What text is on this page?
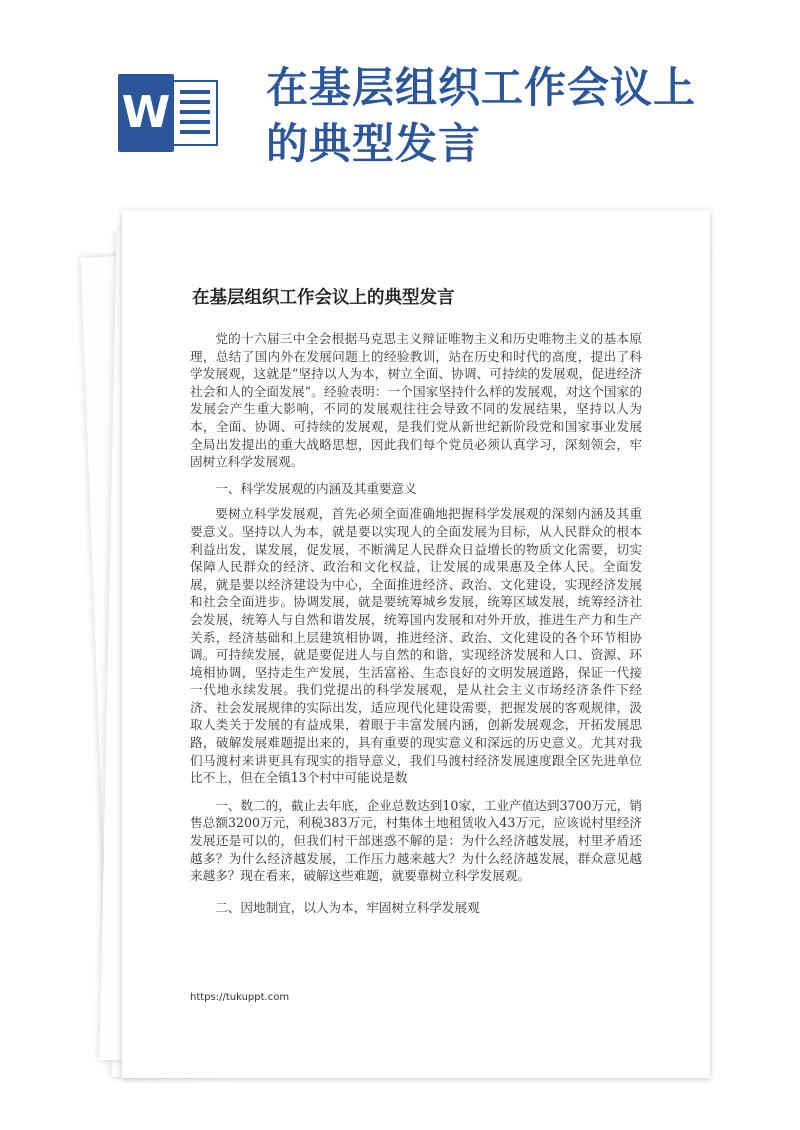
W 在基层组织工作会议上的典型发言
在基层组织工作会议上的典型发言

党的十六届三中全会根据马克思主义辩证唯物主义和历史唯物主义的基本原理，总结了国内外在发展问题上的经验教训，站在历史和时代的高度，提出了科学发展观，这就是“坚持以人为本，树立全面、协调、可持续的发展观，促进经济社会和人的全面发展”。经验表明：一个国家坚持什么样的发展观，对这个国家的发展会产生重大影响，不同的发展观往往会导致不同的发展结果，坚持以人为本，全面、协调、可持续的发展观，是我们党从新世纪新阶段党和国家事业发展全局出发提出的重大战略思想，因此我们每个党员必须认真学习，深刻领会，牢固树立科学发展观。

一、科学发展观的内涵及其重要意义

要树立科学发展观，首先必须全面准确地把握科学发展观的深刻内涵及其重要意义。坚持以人为本，就是要以实现人的全面发展为目标，从人民群众的根本利益出发，谋发展，促发展，不断满足人民群众日益增长的物质文化需要，切实保障人民群众的经济、政治和文化权益，让发展的成果惠及全体人民。全面发展，就是要以经济建设为中心，全面推进经济、政治、文化建设，实现经济发展和社会全面进步。协调发展，就是要统筹城乡发展，统筹区域发展，统筹经济社会发展，统筹人与自然和谐发展，统筹国内发展和对外开放，推进生产力和生产关系，经济基础和上层建筑相协调，推进经济、政治、文化建设的各个环节相协调。可持续发展，就是要促进人与自然的和谐，实现经济发展和人口、资源、环境相协调，坚持走生产发展，生活富裕、生态良好的文明发展道路，保证一代接一代地永续发展。我们党提出的科学发展观，是从社会主义市场经济条件下经济、社会发展规律的实际出发，适应现代化建设需要，把握发展的客观规律，汲取人类关于发展的有益成果，着眼于丰富发展内涵，创新发展观念，开拓发展思路，破解发展难题提出来的，具有重要的现实意义和深远的历史意义。尤其对我们马渡村来讲更具有现实的指导意义，我们马渡村经济发展速度跟全区先进单位比不上，但在全镇13个村中可能说是数

一、数二的，截止去年底，企业总数达到10家，工业产值达到3700万元，销售总额3200万元，利税383万元，村集体土地租赁收入43万元，应该说村里经济发展还是可以的，但我们村干部迷惑不解的是：为什么经济越发展，村里矛盾还越多？为什么经济越发展，工作压力越来越大？为什么经济越发展，群众意见越来越多？现在看来，破解这些难题，就要靠树立科学发展观。

二、因地制宜，以人为本，牢固树立科学发展观

https://tukuppt.com
